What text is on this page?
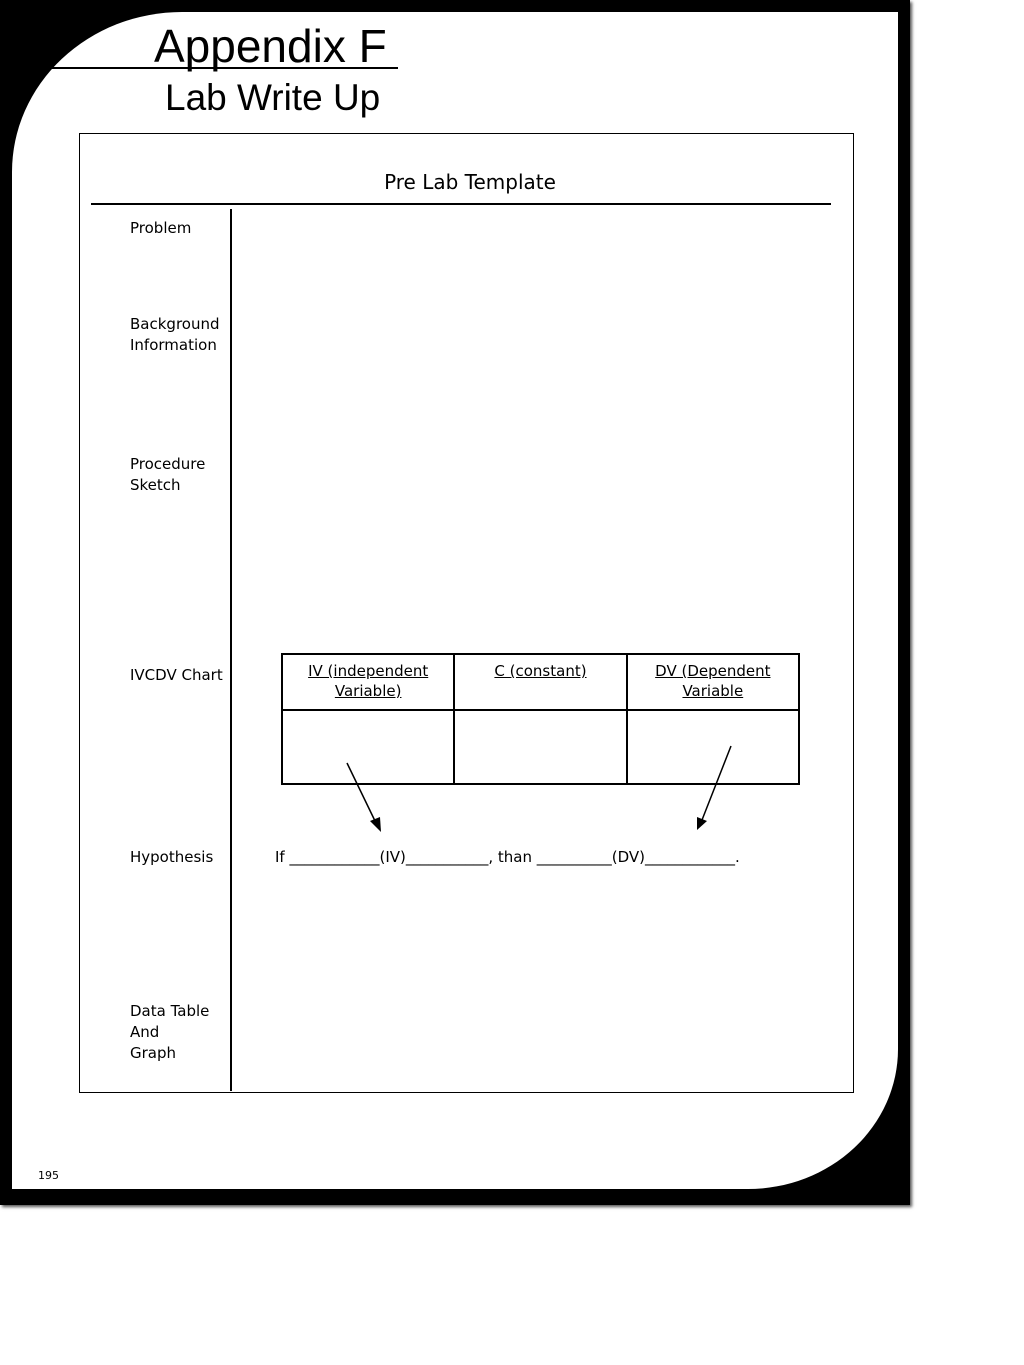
Appendix F
Lab Write Up
Pre Lab Template
Problem
Background
Information
Procedure
Sketch
IVCDV Chart
Hypothesis
Data Table
And
Graph
IV (independent Variable)	C (constant)	DV (Dependent Variable

If ____________(IV)___________, than __________(DV)____________.
195
